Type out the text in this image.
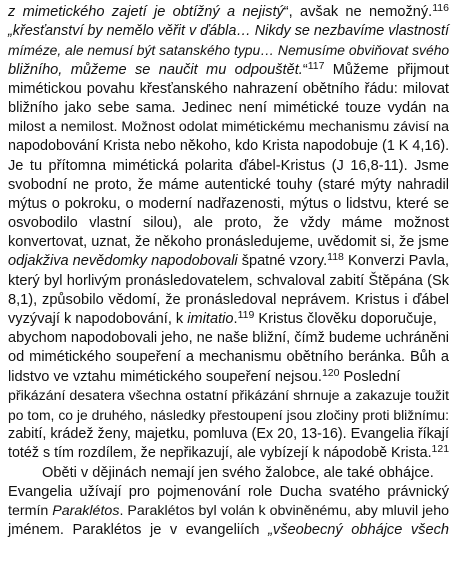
z mimetického zajetí je obtížný a nejistý“, avšak ne nemožný.$^{116}$
„křesťanství by nemělo věřit v ďábla… Nikdy se nezbavíme vlastností
míméze, ale nemusí být satanského typu… Nemusíme obviňovat svého
bližního, můžeme se naučit mu odpouštět.“$^{117}$ Můžeme přijmout
mimétickou povahu křesťanského nahrazení obětního řádu: milovat
bližního jako sebe sama. Jedinec není mimétické touze vydán na
milost a nemilost. Možnost odolat mimétickému mechanismu závisí na
napodobování Krista nebo někoho, kdo Krista napodobuje (1 K 4,16).
Je tu přítomna mimétická polarita ďábel-Kristus (J 16,8-11). Jsme
svobodní ne proto, že máme autentické touhy (staré mýty nahradil
mýtus o pokroku, o moderní nadřazenosti, mýtus o lidstvu, které se
osvobodilo vlastní silou), ale proto, že vždy máme možnost
konvertovat, uznat, že někoho pronásledujeme, uvědomit si, že jsme
odjakživa nevědomky napodobovali špatné vzory.$^{118}$ Konverzi Pavla,
který byl horlivým pronásledovatelem, schvaloval zabití Štěpána (Sk
8,1), způsobilo vědomí, že pronásledoval neprávem. Kristus i ďábel
vyzývají k napodobování, k imitatio.$^{119}$ Kristus člověku doporučuje,
abychom napodobovali jeho, ne naše bližní, čímž budeme uchráněni
od mimétického soupeření a mechanismu obětního beránka. Bůh a
lidstvo ve vztahu mimétického soupeření nejsou.$^{120}$ Poslední
přikázání desatera všechna ostatní přikázání shrnuje a zakazuje toužit
po tom, co je druhého, následky přestoupení jsou zločiny proti bližnímu:
zabití, krádež ženy, majetku, pomluva (Ex 20, 13-16). Evangelia říkají
totéž s tím rozdílem, že nepřikazují, ale vybízejí k nápodobě Krista.$^{121}$
Oběti v dějinách nemají jen svého žalobce, ale také obhájce.
Evangelia užívají pro pojmenování role Ducha svatého právnický
termín Paraklétos. Paraklétos byl volán k obviněnému, aby mluvil jeho
jménem. Paraklétos je v evangeliích „všeobecný obhájce všech
